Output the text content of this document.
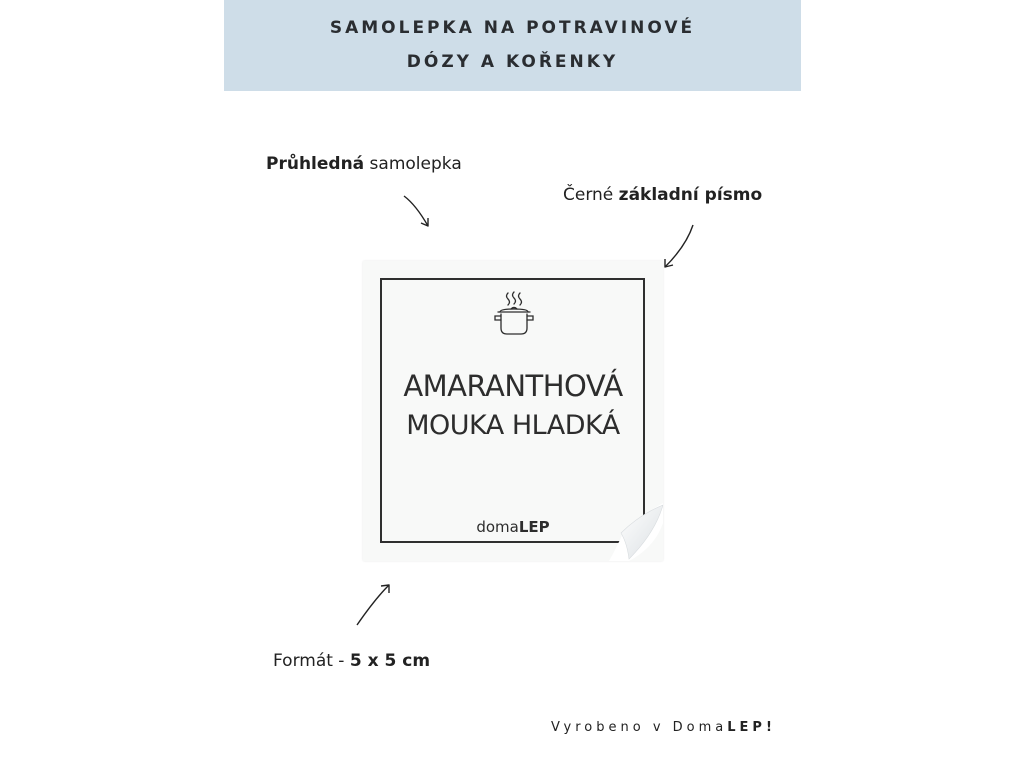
SAMOLEPKA NA POTRAVINOVÉ
DÓZY A KOŘENKY
Průhledná samolepka
Černé základní písmo
Formát - 5 x 5 cm
AMARANTHOVÁ
MOUKA HLADKÁ
domaLEP
Vyrobeno v DomaLEP!
